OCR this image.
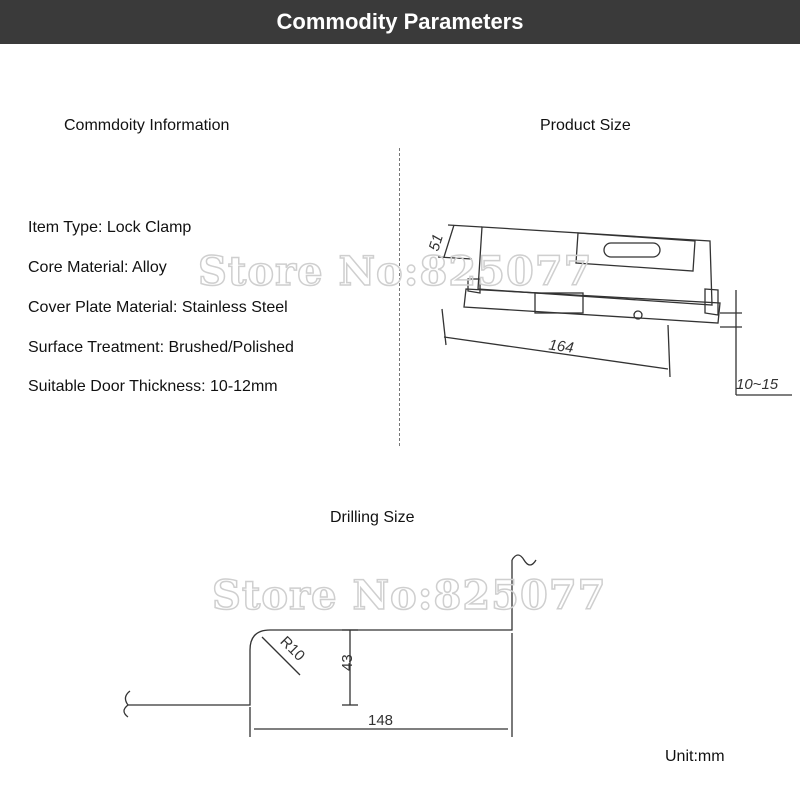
Commodity Parameters
Commdoity Information	Product Size
Item Type: Lock Clamp
Core Material: Alloy
Cover Plate Material: Stainless Steel
Surface Treatment: Brushed/Polished
Suitable Door Thickness: 10-12mm
51
164
10~15
Store No:825077
Drilling Size
R10 43
148
Store No:825077
Unit:mm
